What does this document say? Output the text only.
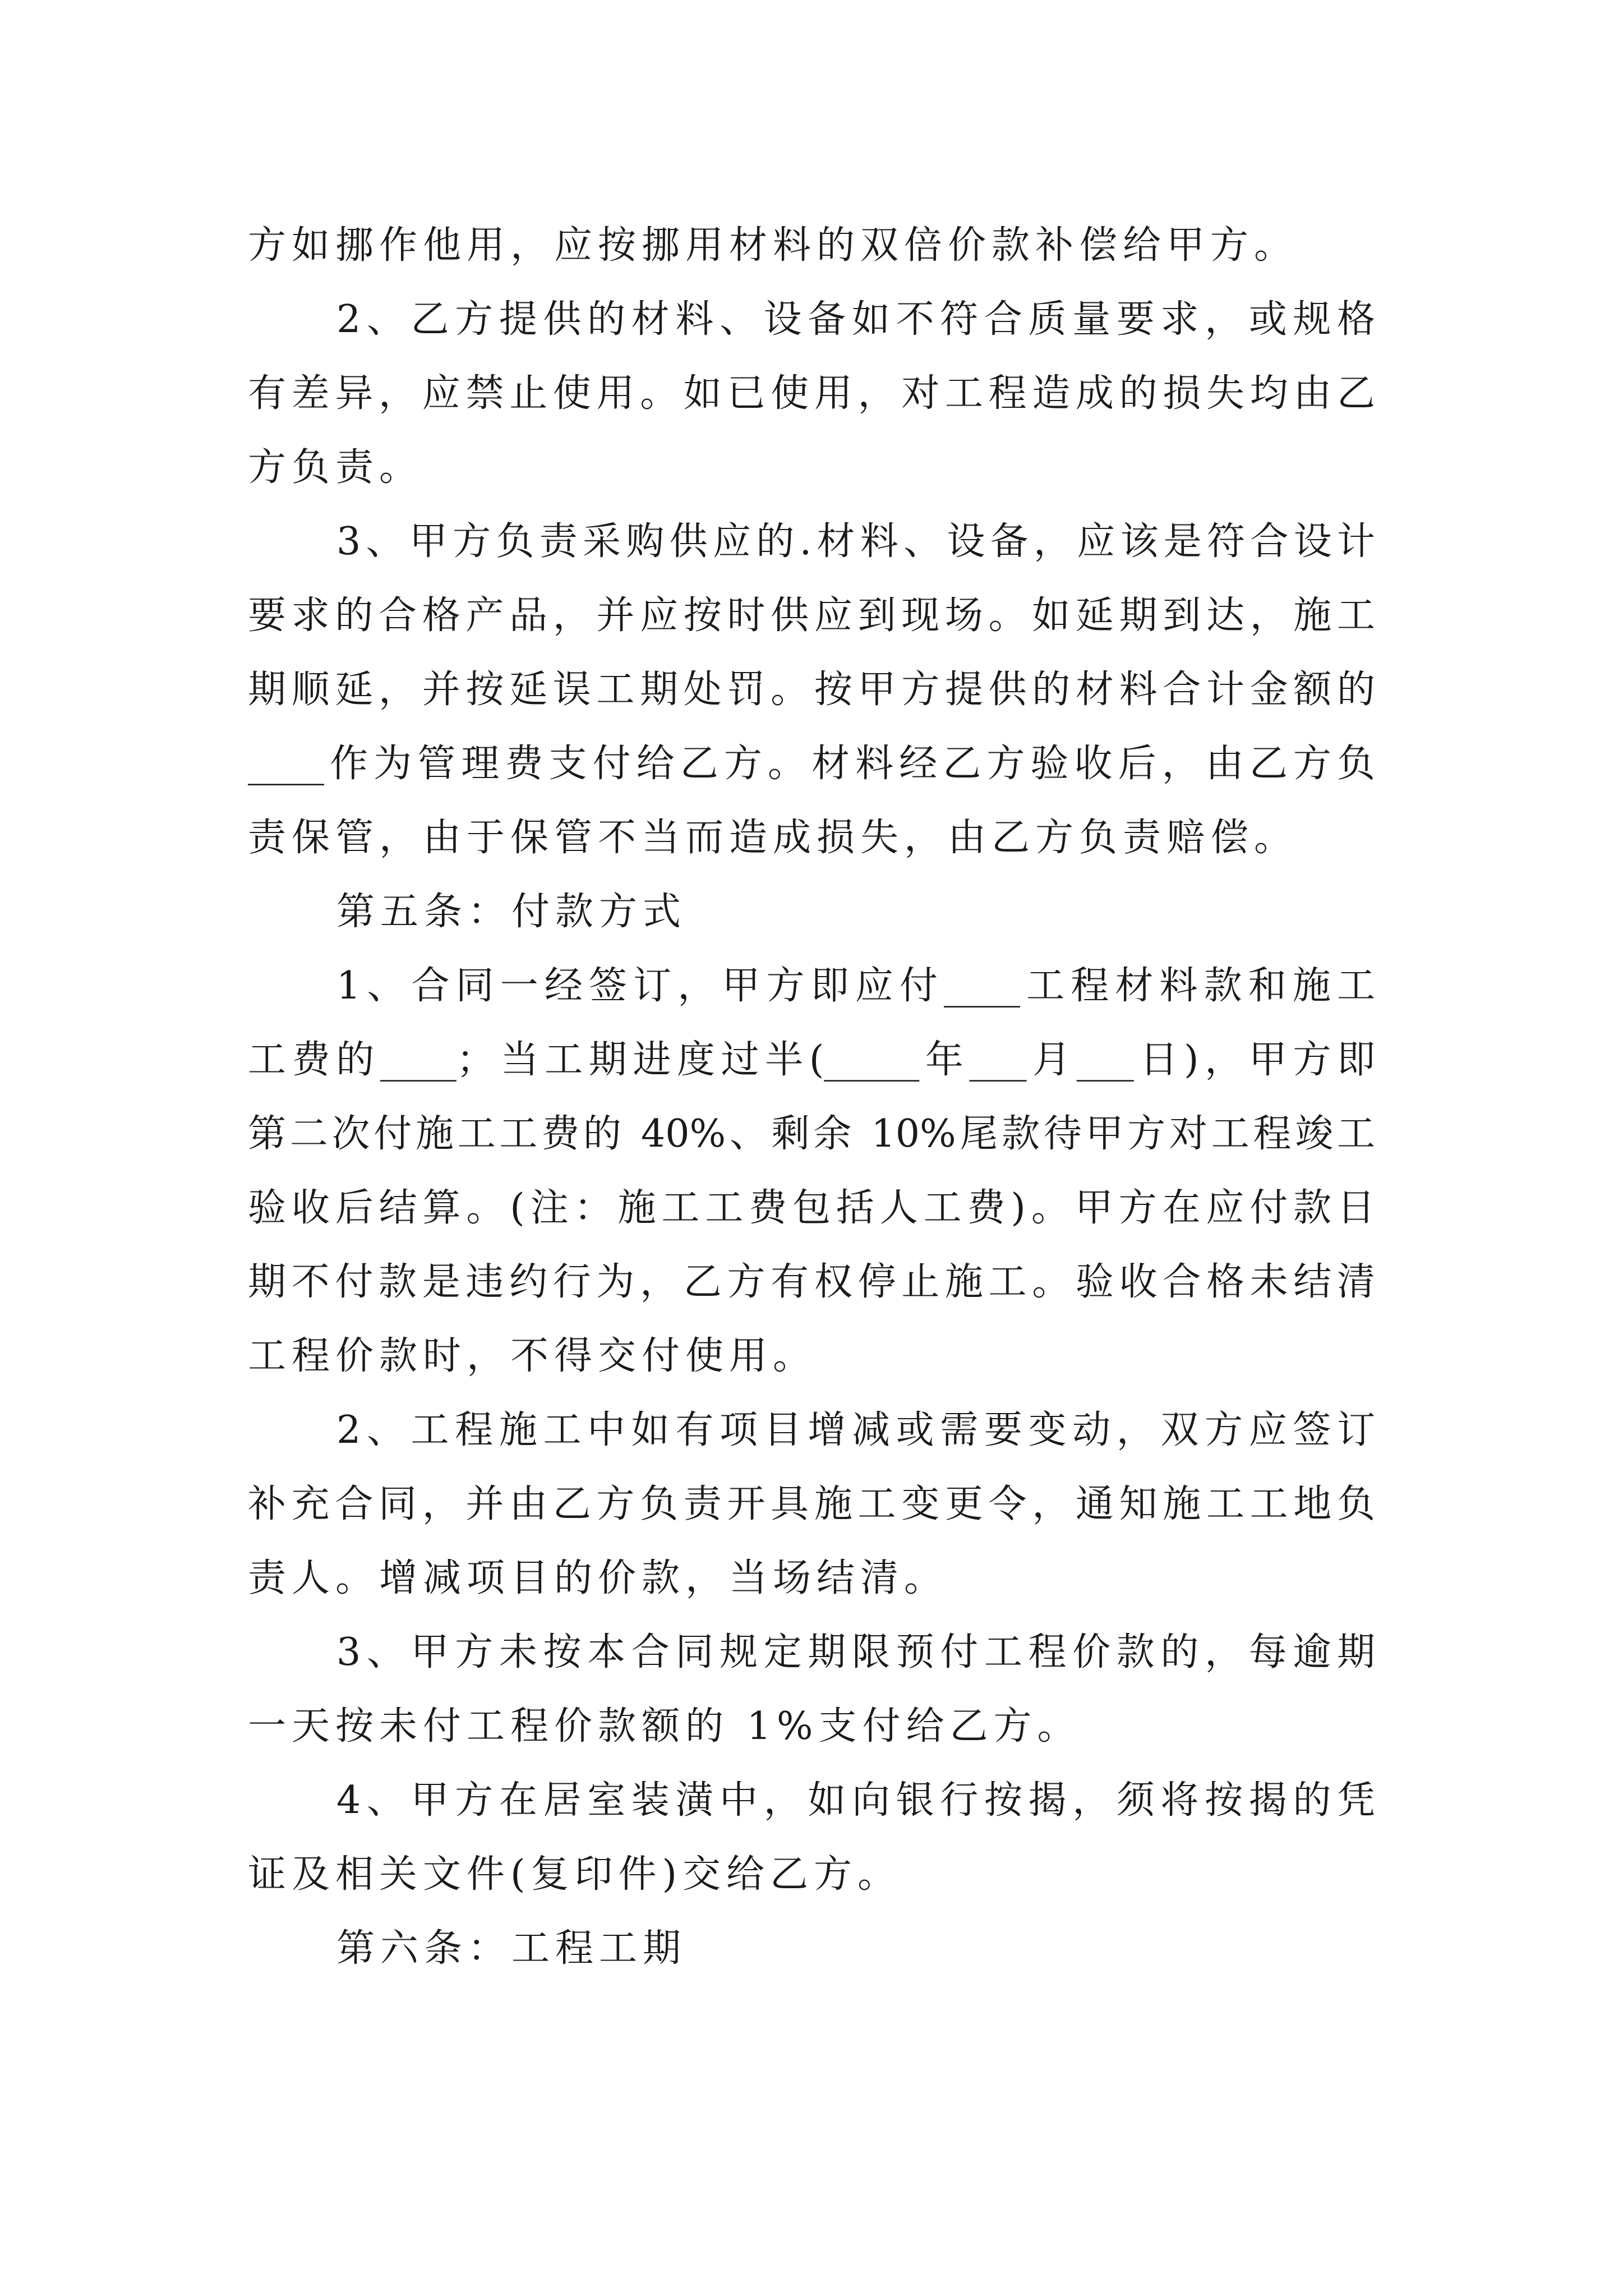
方如挪作他用，应按挪用材料的双倍价款补偿给甲方。

2、乙方提供的材料、设备如不符合质量要求，或规格

有差异，应禁止使用。如已使用，对工程造成的损失均由乙

方负责。

3、甲方负责采购供应的.材料、设备，应该是符合设计

要求的合格产品，并应按时供应到现场。如延期到达，施工

期顺延，并按延误工期处罚。按甲方提供的材料合计金额的

____作为管理费支付给乙方。材料经乙方验收后，由乙方负

责保管，由于保管不当而造成损失，由乙方负责赔偿。

第五条：付款方式

1、合同一经签订，甲方即应付____工程材料款和施工

工费的____；当工期进度过半(_____年___月___日)，甲方即

第二次付施工工费的 40%、剩余 10%尾款待甲方对工程竣工

验收后结算。(注：施工工费包括人工费)。甲方在应付款日

期不付款是违约行为，乙方有权停止施工。验收合格未结清

工程价款时，不得交付使用。

2、工程施工中如有项目增减或需要变动，双方应签订

补充合同，并由乙方负责开具施工变更令，通知施工工地负

责人。增减项目的价款，当场结清。

3、甲方未按本合同规定期限预付工程价款的，每逾期

一天按未付工程价款额的 1%支付给乙方。

4、甲方在居室装潢中，如向银行按揭，须将按揭的凭

证及相关文件(复印件)交给乙方。

第六条：工程工期
